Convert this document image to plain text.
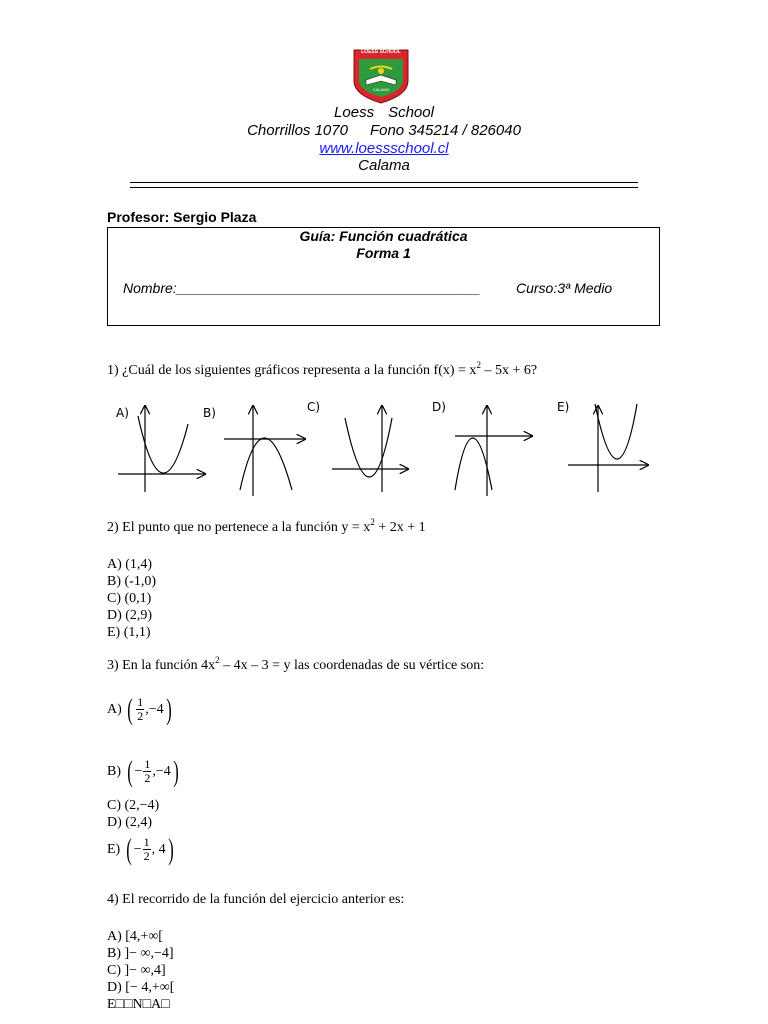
LOESS SCHOOL
CALAMA
Loess School
Chorrillos 1070 Fono 345214 / 826040
www.loessschool.cl
Calama
Profesor: Sergio Plaza
Guía: Función cuadrática
Forma 1
Nombre:_______________________________________	Curso:3ª Medio
1) ¿Cuál de los siguientes gráficos representa a la función $f(x) = x^2 - 5x + 6$?
A)	B)	C)	D)	E)
2) El punto que no pertenece a la función $y = x^2 + 2x + 1$
A) (1,4)
B) (-1,0)
C) (0,1)
D) (2,9)
E) (1,1)
3) En la función $4x^2 - 4x - 3 = y$ las coordenadas de su vértice son:
A) ( $\frac{1}{2} ,-4$)
B) ( − $\frac{1}{2} ,-4$)
C) (2,−4)
D) (2,4)
E) ( − $\frac{1}{2}$ , 4)
4) El recorrido de la función del ejercicio anterior es:
A) [4,+∞[
B) ]− ∞,−4]
C) ]− ∞,4]
D) [− 4,+∞[
E□□N□A□
